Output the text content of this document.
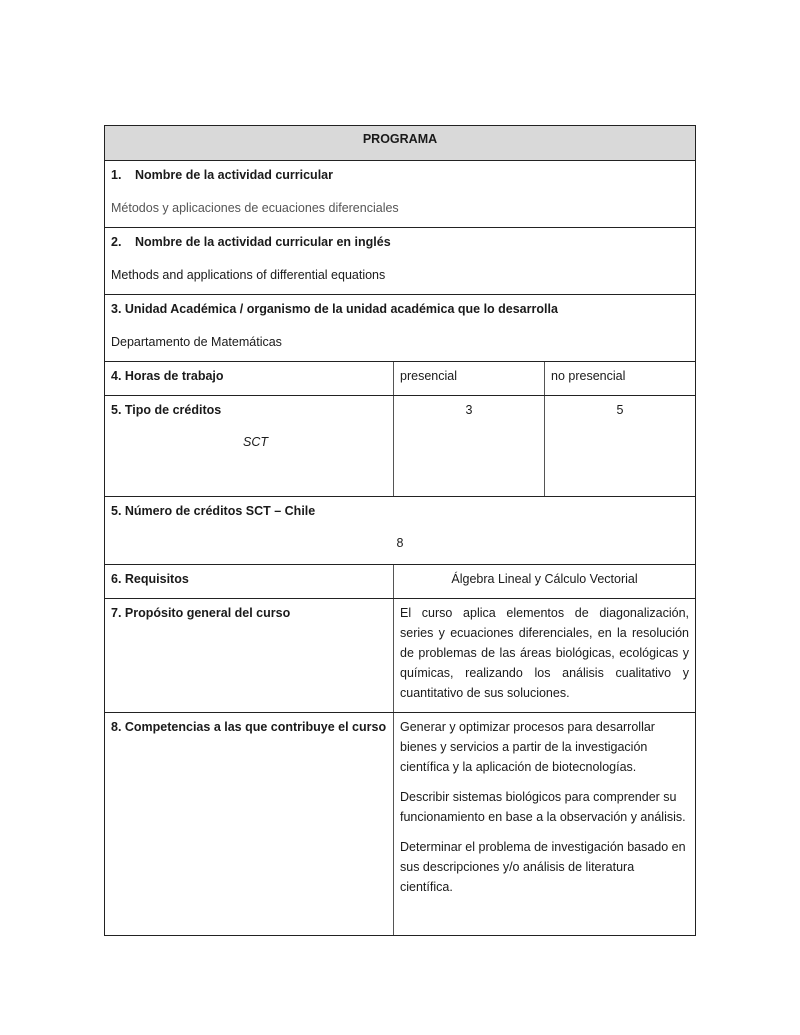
PROGRAMA
1. Nombre de la actividad curricular
Métodos y aplicaciones de ecuaciones diferenciales
2. Nombre de la actividad curricular en inglés
Methods and applications of differential equations
3. Unidad Académica / organismo de la unidad académica que lo desarrolla
Departamento de Matemáticas
4. Horas de trabajo	presencial	no presencial
5. Tipo de créditos
SCT
3	5
5. Número de créditos SCT – Chile
8
6. Requisitos	Álgebra Lineal y Cálculo Vectorial
7. Propósito general del curso	El curso aplica elementos de diagonalización, series y ecuaciones diferenciales, en la resolución de problemas de las áreas biológicas, ecológicas y químicas, realizando los análisis cualitativo y cuantitativo de sus soluciones.
8. Competencias a las que contribuye el curso	Generar y optimizar procesos para desarrollar bienes y servicios a partir de la investigación científica y la aplicación de biotecnologías.

Describir sistemas biológicos para comprender su funcionamiento en base a la observación y análisis.

Determinar el problema de investigación basado en sus descripciones y/o análisis de literatura científica.
